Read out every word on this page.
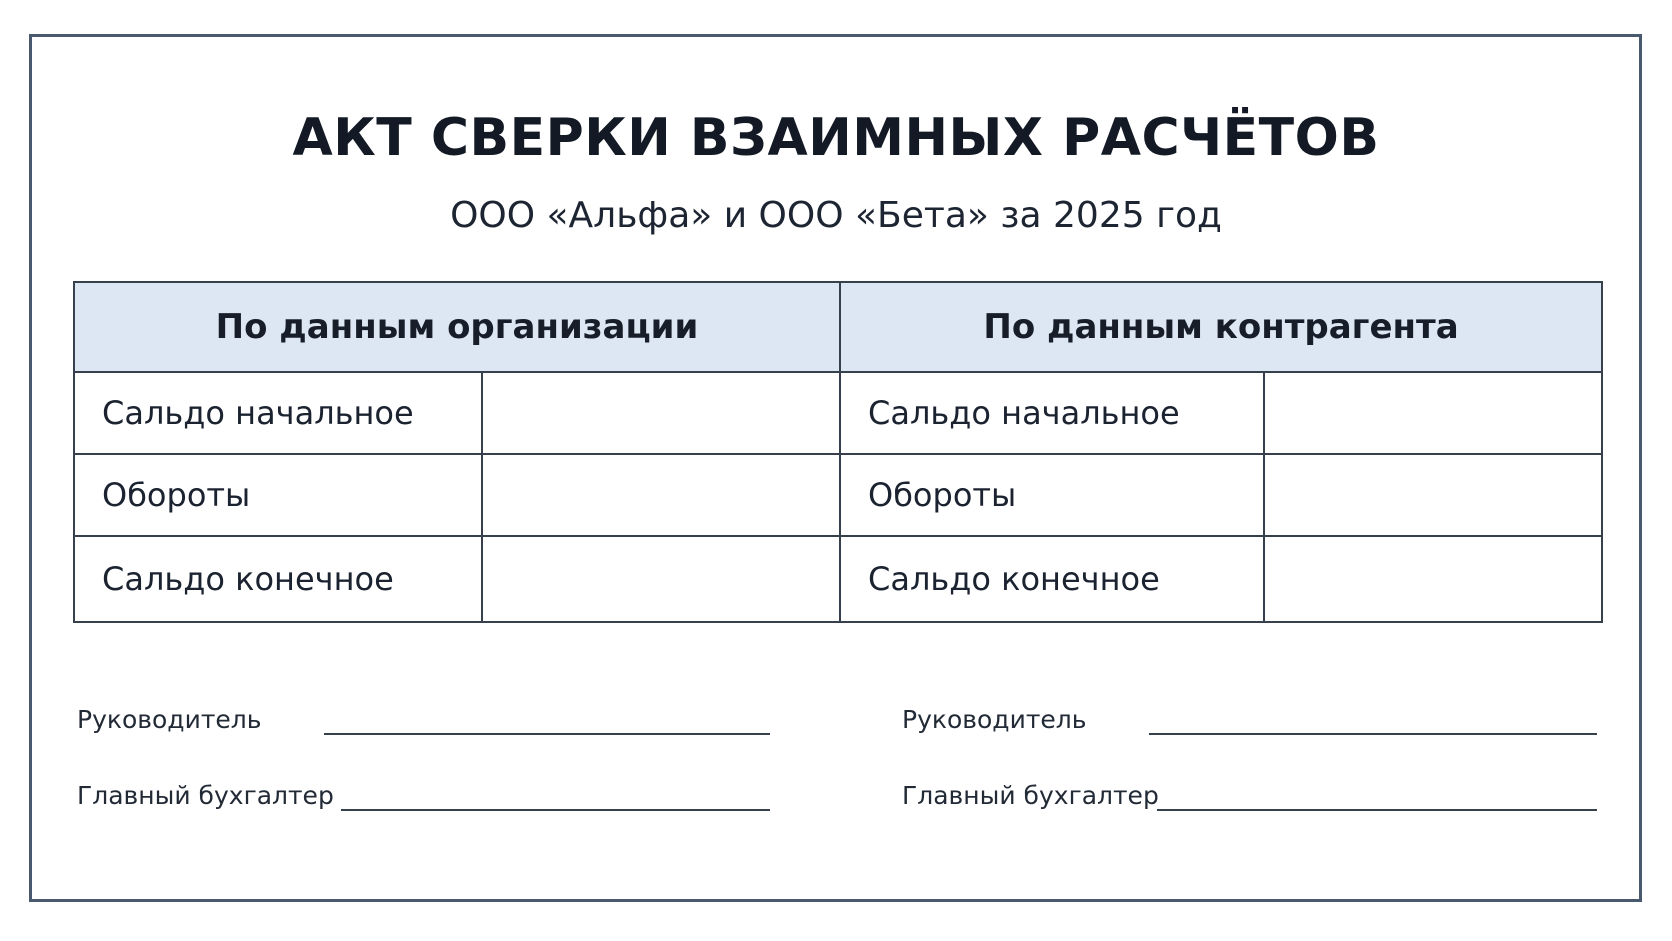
АКТ СВЕРКИ ВЗАИМНЫХ РАСЧЁТОВ
ООО «Альфа» и ООО «Бета» за 2025 год
По данным организации		По данным контрагента	
Сальдо начальное		Сальдо начальное	
Обороты		Обороты	
Сальдо конечное		Сальдо конечное	
Руководитель
Главный бухгалтер
Руководитель
Главный бухгалтер
